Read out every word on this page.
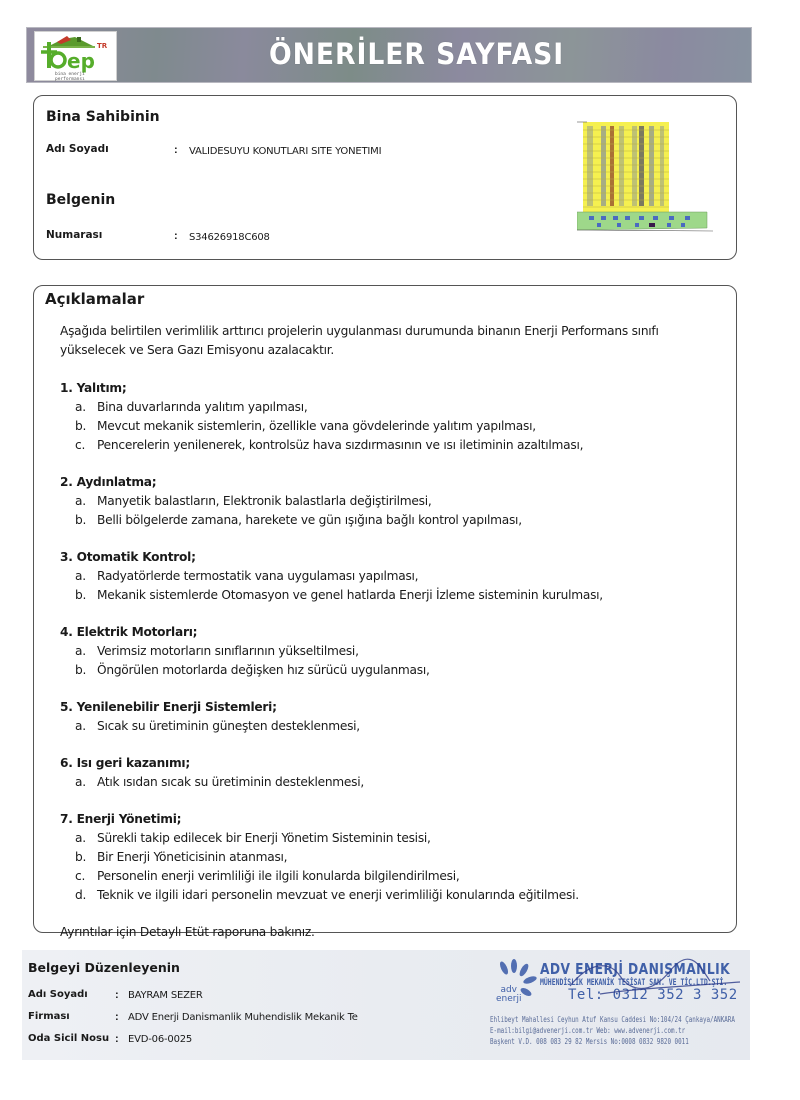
ep
TR
bina enerji
performansı
ÖNERİLER SAYFASI
Bina Sahibinin
Adı Soyadı	: VALIDESUYU KONUTLARI SITE YONETIMI
Belgenin
Numarası	: S34626918C608
Açıklamalar
Aşağıda belirtilen verimlilik arttırıcı projelerin uygulanması durumunda binanın Enerji Performans sınıfı yükselecek ve Sera Gazı Emisyonu azalacaktır.
1. Yalıtım;
a. Bina duvarlarında yalıtım yapılması,
b. Mevcut mekanik sistemlerin, özellikle vana gövdelerinde yalıtım yapılması,
c. Pencerelerin yenilenerek, kontrolsüz hava sızdırmasının ve ısı iletiminin azaltılması,
2. Aydınlatma;
a. Manyetik balastların, Elektronik balastlarla değiştirilmesi,
b. Belli bölgelerde zamana, harekete ve gün ışığına bağlı kontrol yapılması,
3. Otomatik Kontrol;
a. Radyatörlerde termostatik vana uygulaması yapılması,
b. Mekanik sistemlerde Otomasyon ve genel hatlarda Enerji İzleme sisteminin kurulması,
4. Elektrik Motorları;
a. Verimsiz motorların sınıflarının yükseltilmesi,
b. Öngörülen motorlarda değişken hız sürücü uygulanması,
5. Yenilenebilir Enerji Sistemleri;
a. Sıcak su üretiminin güneşten desteklenmesi,
6. Isı geri kazanımı;
a. Atık ısıdan sıcak su üretiminin desteklenmesi,
7. Enerji Yönetimi;
a. Sürekli takip edilecek bir Enerji Yönetim Sisteminin tesisi,
b. Bir Enerji Yöneticisinin atanması,
c. Personelin enerji verimliliği ile ilgili konularda bilgilendirilmesi,
d. Teknik ve ilgili idari personelin mevzuat ve enerji verimliliği konularında eğitilmesi.
Ayrıntılar için Detaylı Etüt raporuna bakınız.
Belgeyi Düzenleyenin
Adı Soyadı : BAYRAM SEZER
Firması	: ADV Enerji Danismanlik Muhendislik Mekanik Te
Oda Sicil Nosu : EVD-06-0025
adv
enerji
ADV ENERJİ DANIŞMANLIK
MÜHENDİSLİK MEKANİK TESİSAT SAN. VE TİC.LTD.ŞTİ.
Tel: 0312 352 3 352
Ehlibeyt Mahallesi Ceyhun Atuf Kansu Caddesi No:104/24 Çankaya/ANKARA
E-mail:bilgi@advenerji.com.tr Web: www.advenerji.com.tr
Başkent V.D. 008 083 29 82 Mersis No:0008 0832 9820 0011
